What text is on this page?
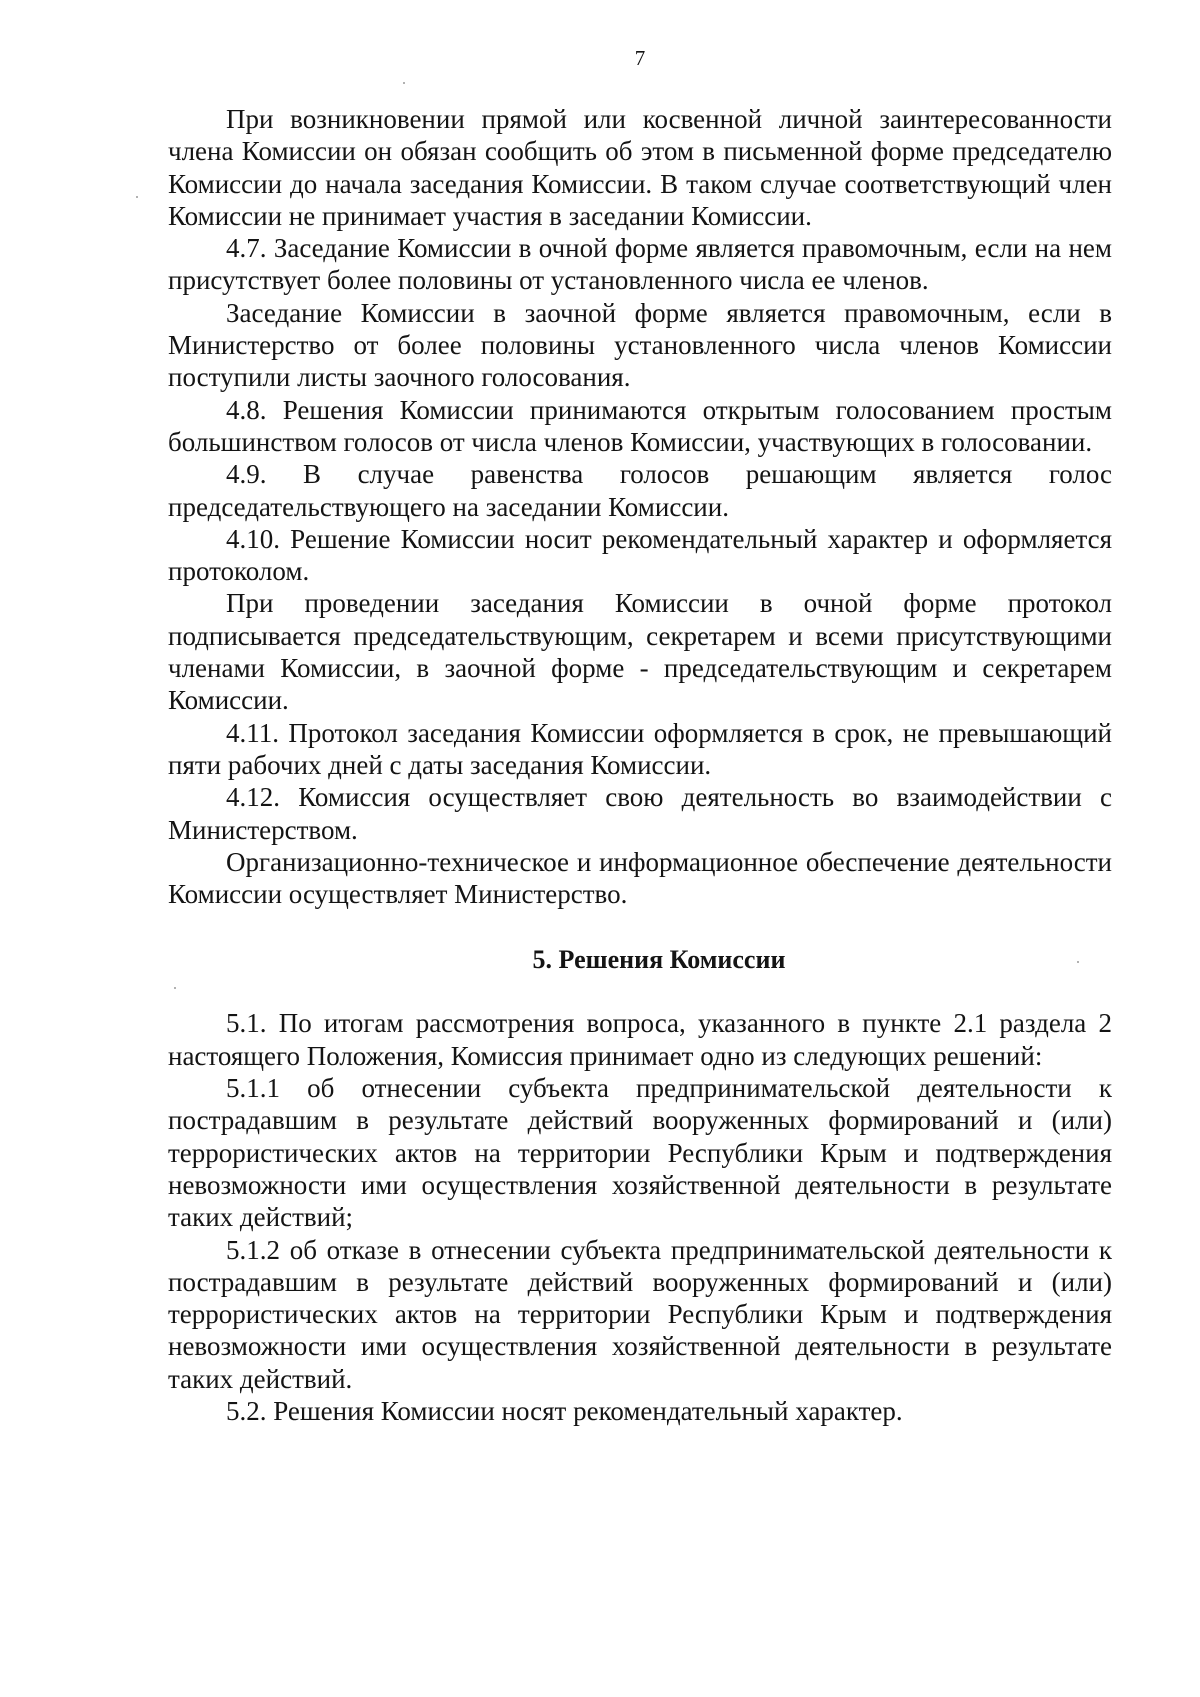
7

При возникновении прямой или косвенной личной заинтересованности члена Комиссии он обязан сообщить об этом в письменной форме председателю Комиссии до начала заседания Комиссии. В таком случае соответствующий член Комиссии не принимает участия в заседании Комиссии.

4.7. Заседание Комиссии в очной форме является правомочным, если на нем присутствует более половины от установленного числа ее членов.

Заседание Комиссии в заочной форме является правомочным, если в Министерство от более половины установленного числа членов Комиссии поступили листы заочного голосования.

4.8. Решения Комиссии принимаются открытым голосованием простым большинством голосов от числа членов Комиссии, участвующих в голосовании.

4.9. В случае равенства голосов решающим является голос председательствующего на заседании Комиссии.

4.10. Решение Комиссии носит рекомендательный характер и оформляется протоколом.

При проведении заседания Комиссии в очной форме протокол подписывается председательствующим, секретарем и всеми присутствующими членами Комиссии, в заочной форме - председательствующим и секретарем Комиссии.

4.11. Протокол заседания Комиссии оформляется в срок, не превышающий пяти рабочих дней с даты заседания Комиссии.

4.12. Комиссия осуществляет свою деятельность во взаимодействии с Министерством.

Организационно-техническое и информационное обеспечение деятельности Комиссии осуществляет Министерство.

5. Решения Комиссии

5.1. По итогам рассмотрения вопроса, указанного в пункте 2.1 раздела 2 настоящего Положения, Комиссия принимает одно из следующих решений:

5.1.1 об отнесении субъекта предпринимательской деятельности к пострадавшим в результате действий вооруженных формирований и (или) террористических актов на территории Республики Крым и подтверждения невозможности ими осуществления хозяйственной деятельности в результате таких действий;

5.1.2 об отказе в отнесении субъекта предпринимательской деятельности к пострадавшим в результате действий вооруженных формирований и (или) террористических актов на территории Республики Крым и подтверждения невозможности ими осуществления хозяйственной деятельности в результате таких действий.

5.2. Решения Комиссии носят рекомендательный характер.
